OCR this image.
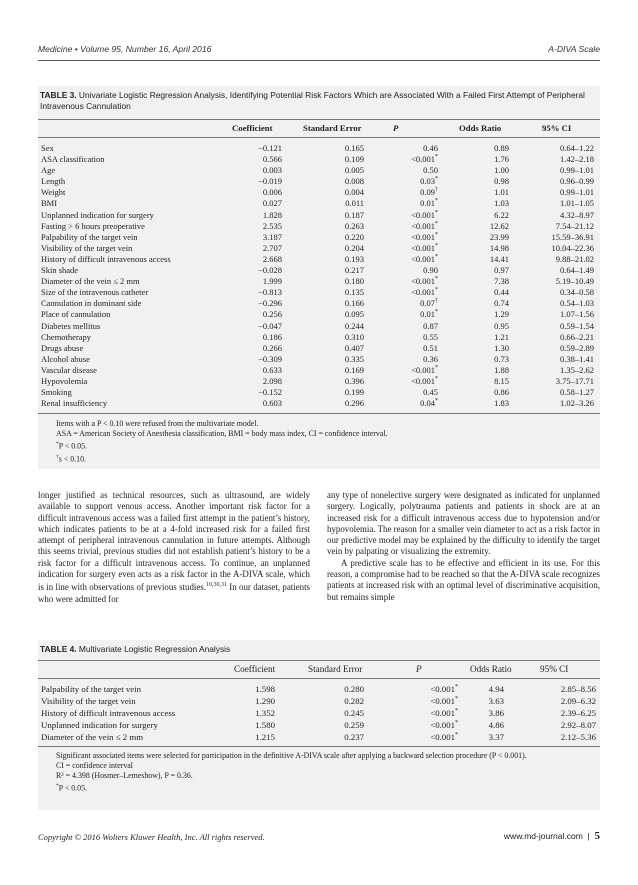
Medicine • Volume 95, Number 16, April 2016	A-DIVA Scale
TABLE 3. Univariate Logistic Regression Analysis, Identifying Potential Risk Factors Which are Associated With a Failed First Attempt of Peripheral Intravenous Cannulation
Coefficient	Standard Error	P	Odds Ratio	95% CI
Sex	−0.121	0.165	0.46	0.89	0.64–1.22
ASA classification	0.566	0.109	<0.001*	1.76	1.42–2.18
Age	0.003	0.005	0.50	1.00	0.99–1.01
Length	−0.019	0.008	0.03*	0.98	0.96–0.99
Weight	0.006	0.004	0.09†	1.01	0.99–1.01
BMI	0.027	0.011	0.01*	1.03	1.01–1.05
Unplanned indication for surgery	1.828	0.187	<0.001*	6.22	4.32–8.97
Fasting > 6 hours preoperative	2.535	0.263	<0.001*	12.62	7.54–21.12
Palpability of the target vein	3.187	0.220	<0.001*	23.99	15.59–36.91
Visibility of the target vein	2.707	0.204	<0.001*	14.98	10.04–22.36
History of difficult intravenous access	2.668	0.193	<0.001*	14.41	9.88–21.02
Skin shade	−0.028	0.217	0.90	0.97	0.64–1.49
Diameter of the vein ≤ 2 mm	1.999	0.180	<0.001*	7.38	5.19–10.49
Size of the intravenous catheter	−0.813	0.135	<0.001*	0.44	0.34–0.58
Cannulation in dominant side	−0.296	0.166	0.07†	0.74	0.54–1.03
Place of cannulation	0.256	0.095	0.01*	1.29	1.07–1.56
Diabetes mellitus	−0.047	0.244	0.87	0.95	0.59–1.54
Chemotherapy	0.186	0.310	0.55	1.21	0.66–2.21
Drugs abuse	0.266	0.407	0.51	1.30	0.59–2.89
Alcohol abuse	−0.309	0.335	0.36	0.73	0.38–1.41
Vascular disease	0.633	0.169	<0.001*	1.88	1.35–2.62
Hypovolemia	2.098	0.396	<0.001*	8.15	3.75–17.71
Smoking	−0.152	0.199	0.45	0.86	0.58–1.27
Renal insufficiency	0.603	0.296	0.04*	1.83	1.02–3.26
Items with a P < 0.10 were refused from the multivariate model.
ASA = American Society of Anesthesia classification, BMI = body mass index, CI = confidence interval.
*P < 0.05.
†s < 0.10.

longer justified as technical resources, such as ultrasound, are widely available to support venous access. Another important risk factor for a difficult intravenous access was a failed first attempt in the patient’s history, which indicates patients to be at a 4-fold increased risk for a failed first attempt of peripheral intravenous cannulation in future attempts. Although this seems trivial, previous studies did not establish patient’s history to be a risk factor for a difficult intravenous access. To continue, an unplanned indication for surgery even acts as a risk factor in the A-DIVA scale, which is in line with observations of previous studies.$^{10,30,31}$ In our dataset, patients who were admitted for

any type of nonelective surgery were designated as indicated for unplanned surgery. Logically, polytrauma patients and patients in shock are at an increased risk for a difficult intravenous access due to hypotension and/or hypovolemia. The reason for a smaller vein diameter to act as a risk factor in our predictive model may be explained by the difficulty to identify the target vein by palpating or visualizing the extremity.

A predictive scale has to be effective and efficient in its use. For this reason, a compromise had to be reached so that the A-DIVA scale recognizes patients at increased risk with an optimal level of discriminative acquisition, but remains simple

TABLE 4. Multivariate Logistic Regression Analysis
Coefficient	Standard Error	P	Odds Ratio	95% CI
Palpability of the target vein	1.598	0.280	<0.001*	4.94	2.85–8.56
Visibility of the target vein	1.290	0.282	<0.001*	3.63	2.09–6.32
History of difficult intravenous access	1.352	0.245	<0.001*	3.86	2.39–6.25
Unplanned indication for surgery	1.580	0.259	<0.001*	4.86	2.92–8.07
Diameter of the vein ≤ 2 mm	1.215	0.237	<0.001*	3.37	2.12–5.36
Significant associated items were selected for participation in the definitive A-DIVA scale after applying a backward selection procedure (P < 0.001).
CI = confidence interval
R² = 4.398 (Hosmer–Lemeshow), P = 0.36.
*P < 0.05.
Copyright © 2016 Wolters Kluwer Health, Inc. All rights reserved.	www.md-journal.com | 5
